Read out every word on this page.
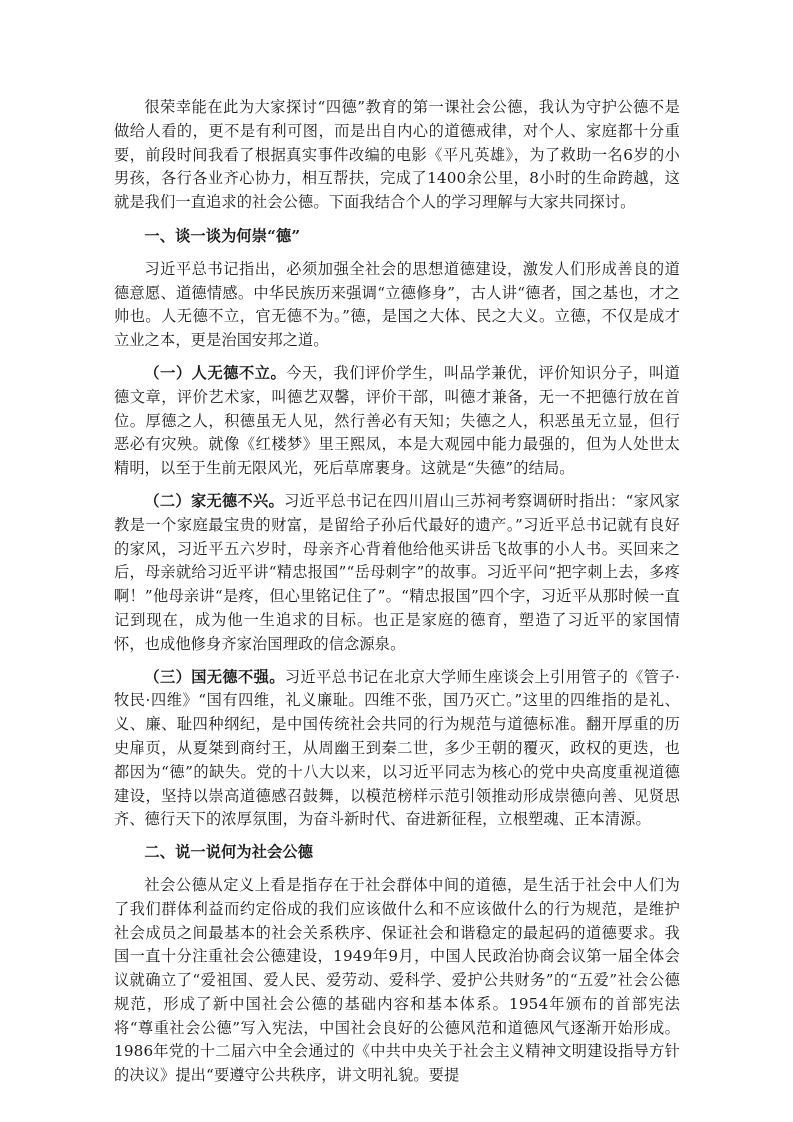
很荣幸能在此为大家探讨“四德”教育的第一课社会公德，我认为守护公德不是做给人看的，更不是有利可图，而是出自内心的道德戒律，对个人、家庭都十分重要，前段时间我看了根据真实事件改编的电影《平凡英雄》，为了救助一名6岁的小男孩，各行各业齐心协力，相互帮扶，完成了1400余公里，8小时的生命跨越，这就是我们一直追求的社会公德。下面我结合个人的学习理解与大家共同探讨。

一、谈一谈为何崇“德”

习近平总书记指出，必须加强全社会的思想道德建设，激发人们形成善良的道德意愿、道德情感。中华民族历来强调“立德修身”，古人讲“德者，国之基也，才之帅也。人无德不立，官无德不为。”德，是国之大体、民之大义。立德，不仅是成才立业之本，更是治国安邦之道。

（一）人无德不立。今天，我们评价学生，叫品学兼优，评价知识分子，叫道德文章，评价艺术家，叫德艺双馨，评价干部，叫德才兼备，无一不把德行放在首位。厚德之人，积德虽无人见，然行善必有天知；失德之人，积恶虽无立显，但行恶必有灾殃。就像《红楼梦》里王熙凤，本是大观园中能力最强的，但为人处世太精明，以至于生前无限风光，死后草席裹身。这就是“失德”的结局。

（二）家无德不兴。习近平总书记在四川眉山三苏祠考察调研时指出：“家风家教是一个家庭最宝贵的财富，是留给子孙后代最好的遗产。”习近平总书记就有良好的家风，习近平五六岁时，母亲齐心背着他给他买讲岳飞故事的小人书。买回来之后，母亲就给习近平讲“精忠报国”“岳母刺字”的故事。习近平问“把字刺上去，多疼啊！”他母亲讲“是疼，但心里铭记住了”。“精忠报国”四个字，习近平从那时候一直记到现在，成为他一生追求的目标。也正是家庭的德育，塑造了习近平的家国情怀，也成他修身齐家治国理政的信念源泉。

（三）国无德不强。习近平总书记在北京大学师生座谈会上引用管子的《管子·牧民·四维》“国有四维，礼义廉耻。四维不张，国乃灭亡。”这里的四维指的是礼、义、廉、耻四种纲纪，是中国传统社会共同的行为规范与道德标准。翻开厚重的历史扉页，从夏桀到商纣王，从周幽王到秦二世，多少王朝的覆灭，政权的更迭，也都因为“德”的缺失。党的十八大以来，以习近平同志为核心的党中央高度重视道德建设，坚持以崇高道德感召鼓舞，以模范榜样示范引领推动形成崇德向善、见贤思齐、德行天下的浓厚氛围，为奋斗新时代、奋进新征程，立根塑魂、正本清源。

二、说一说何为社会公德

社会公德从定义上看是指存在于社会群体中间的道德，是生活于社会中人们为了我们群体利益而约定俗成的我们应该做什么和不应该做什么的行为规范，是维护社会成员之间最基本的社会关系秩序、保证社会和谐稳定的最起码的道德要求。我国一直十分注重社会公德建设，1949年9月，中国人民政治协商会议第一届全体会议就确立了“爱祖国、爱人民、爱劳动、爱科学、爱护公共财务”的“五爱”社会公德规范，形成了新中国社会公德的基础内容和基本体系。1954年颁布的首部宪法将“尊重社会公德”写入宪法，中国社会良好的公德风范和道德风气逐渐开始形成。1986年党的十二届六中全会通过的《中共中央关于社会主义精神文明建设指导方针的决议》提出“要遵守公共秩序，讲文明礼貌。要提
